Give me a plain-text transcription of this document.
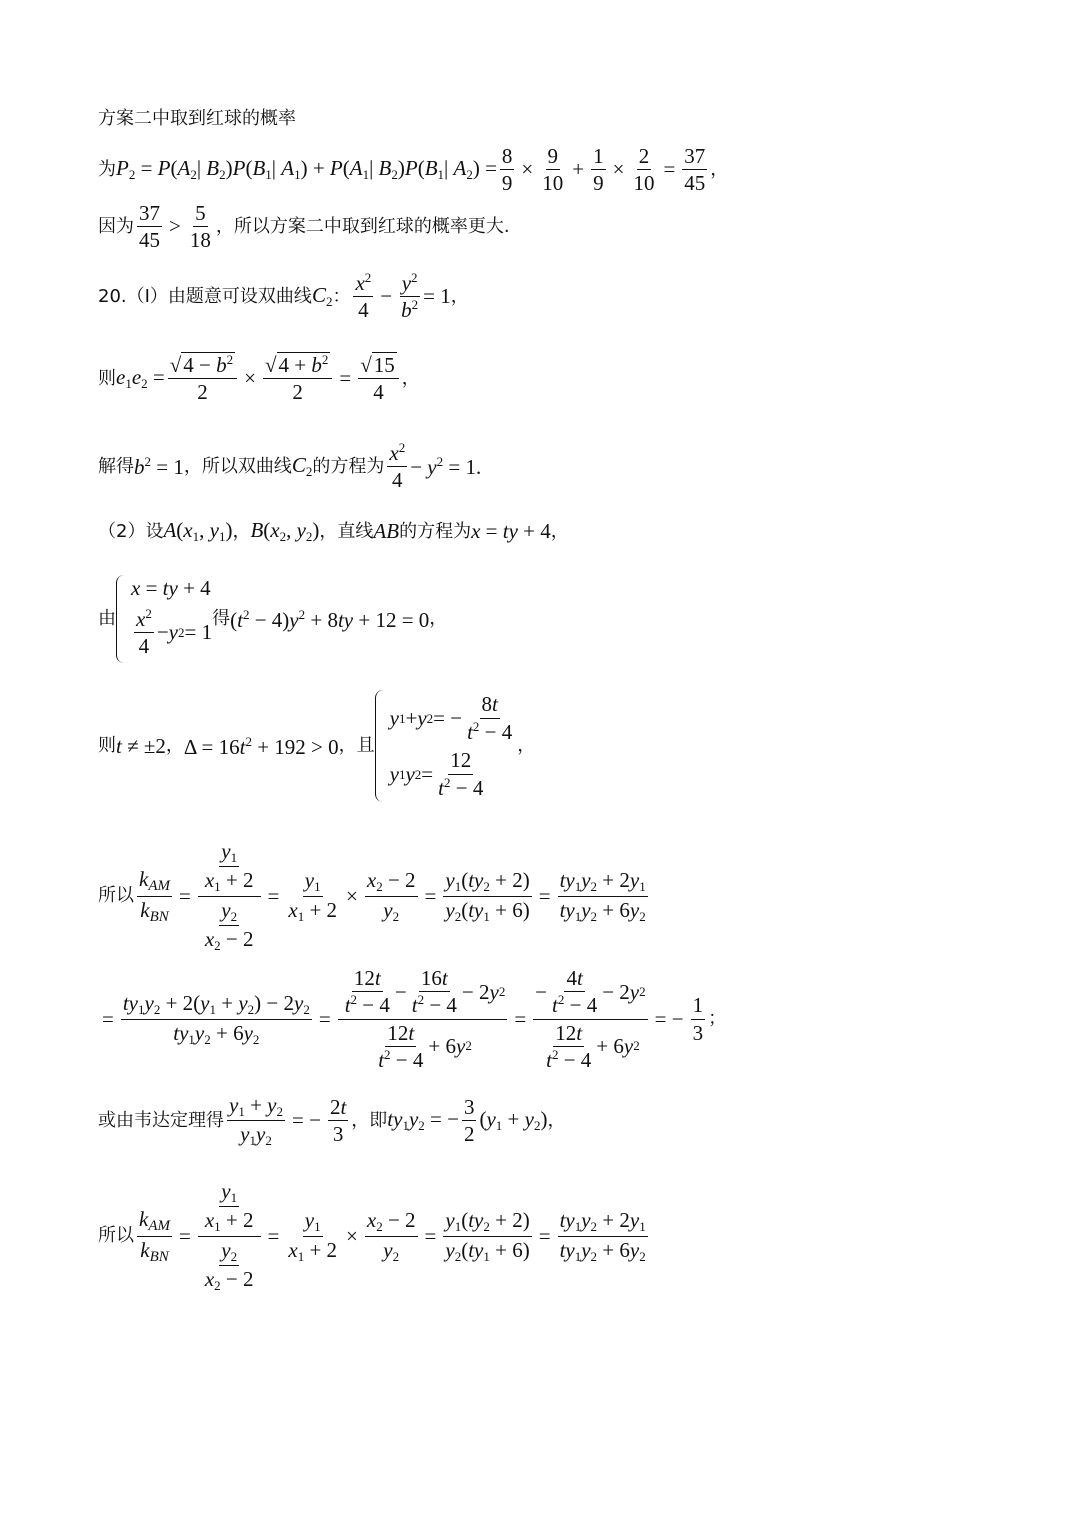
方案二中取到红球的概率
为 $P_2 = P(A_2|$ $B_2)P(B_1|$ $A_1) + P(A_1|$ $B_2)P(B_1|$ $A_2) = \frac{8}{9} \times \frac{9}{10} + \frac{1}{9} \times \frac{2}{10} = \frac{37}{45}$ ，
因为 $\frac{37}{45} > \frac{5}{18}$ ，所以方案二中取到红球的概率更大.
20.（Ⅰ）由题意可设双曲线 $C_2$ ： $\frac{x^2}{4} - \frac{y^2}{b^2} = 1$ ，
则 $e_1e_2 = \frac{√4 - b^2}{2} \times \frac{√4 + b^2}{2} = \frac{√15}{4}$ ，
解得 $b^2 = 1$ ，所以双曲线 $C_2$ 的方程为 $\frac{x^2}{4} - y^2 = 1$.
（2）设 $A(x_1$, $y_1$) ， $B(x_2$, $y_2$) ，直线 AB 的方程为 x = ty + 4 ，
由
x = ty + 4
$\frac{x^2}{4} - y$ 2 = 1
得 $(t^2 - 4)y^2 + 8ty + 12 = 0$ ，
则 t ≠ ±2 ， $\Delta = 16t^2 + 192 > 0$ ，且
y 1 + y 2 = − $\frac{8t}{t^2 - 4}$
y 1 y $2 = \frac{12}{t^2 - 4}$
，
所以 $\frac{k_{AM}}{k_{BN}} = \frac{\frac{y_1}{x_1 + 2}}{\frac{y_2}{x_2 - 2}} = \frac{y_1}{x_1 + 2} \times \frac{x_2 - 2}{y_2} = \frac{y_1(ty_2 + 2)}{y_2(ty_1 + 6)} = \frac{ty_1y_2 + 2y_1}{ty_1y_2 + 6y_2}$
= $\frac{ty_1y_2 + 2(y_1 + y_2) - 2y_2}{ty_1y_2 + 6y_2} = \frac{\frac{12t}{t^2 - 4} - \frac{16t}{t^2 - 4} - 2 y 2}{\frac{12t}{t^2 - 4} + 6 y 2} = \frac{- \frac{4t}{t^2 - 4} - 2 y 2}{\frac{12t}{t^2 - 4} + 6 y 2}$ = − $\frac{1}{3}$ ；
或由韦达定理得 $\frac{y_1 + y_2}{y_1y_2}$ = − $\frac{2t}{3}$ ，即 $ty_1y_2$ = − $\frac{3}{2} (y_1 + y_2)$ ，
所以 $\frac{k_{AM}}{k_{BN}} = \frac{\frac{y_1}{x_1 + 2}}{\frac{y_2}{x_2 - 2}} = \frac{y_1}{x_1 + 2} \times \frac{x_2 - 2}{y_2} = \frac{y_1(ty_2 + 2)}{y_2(ty_1 + 6)} = \frac{ty_1y_2 + 2y_1}{ty_1y_2 + 6y_2}$
